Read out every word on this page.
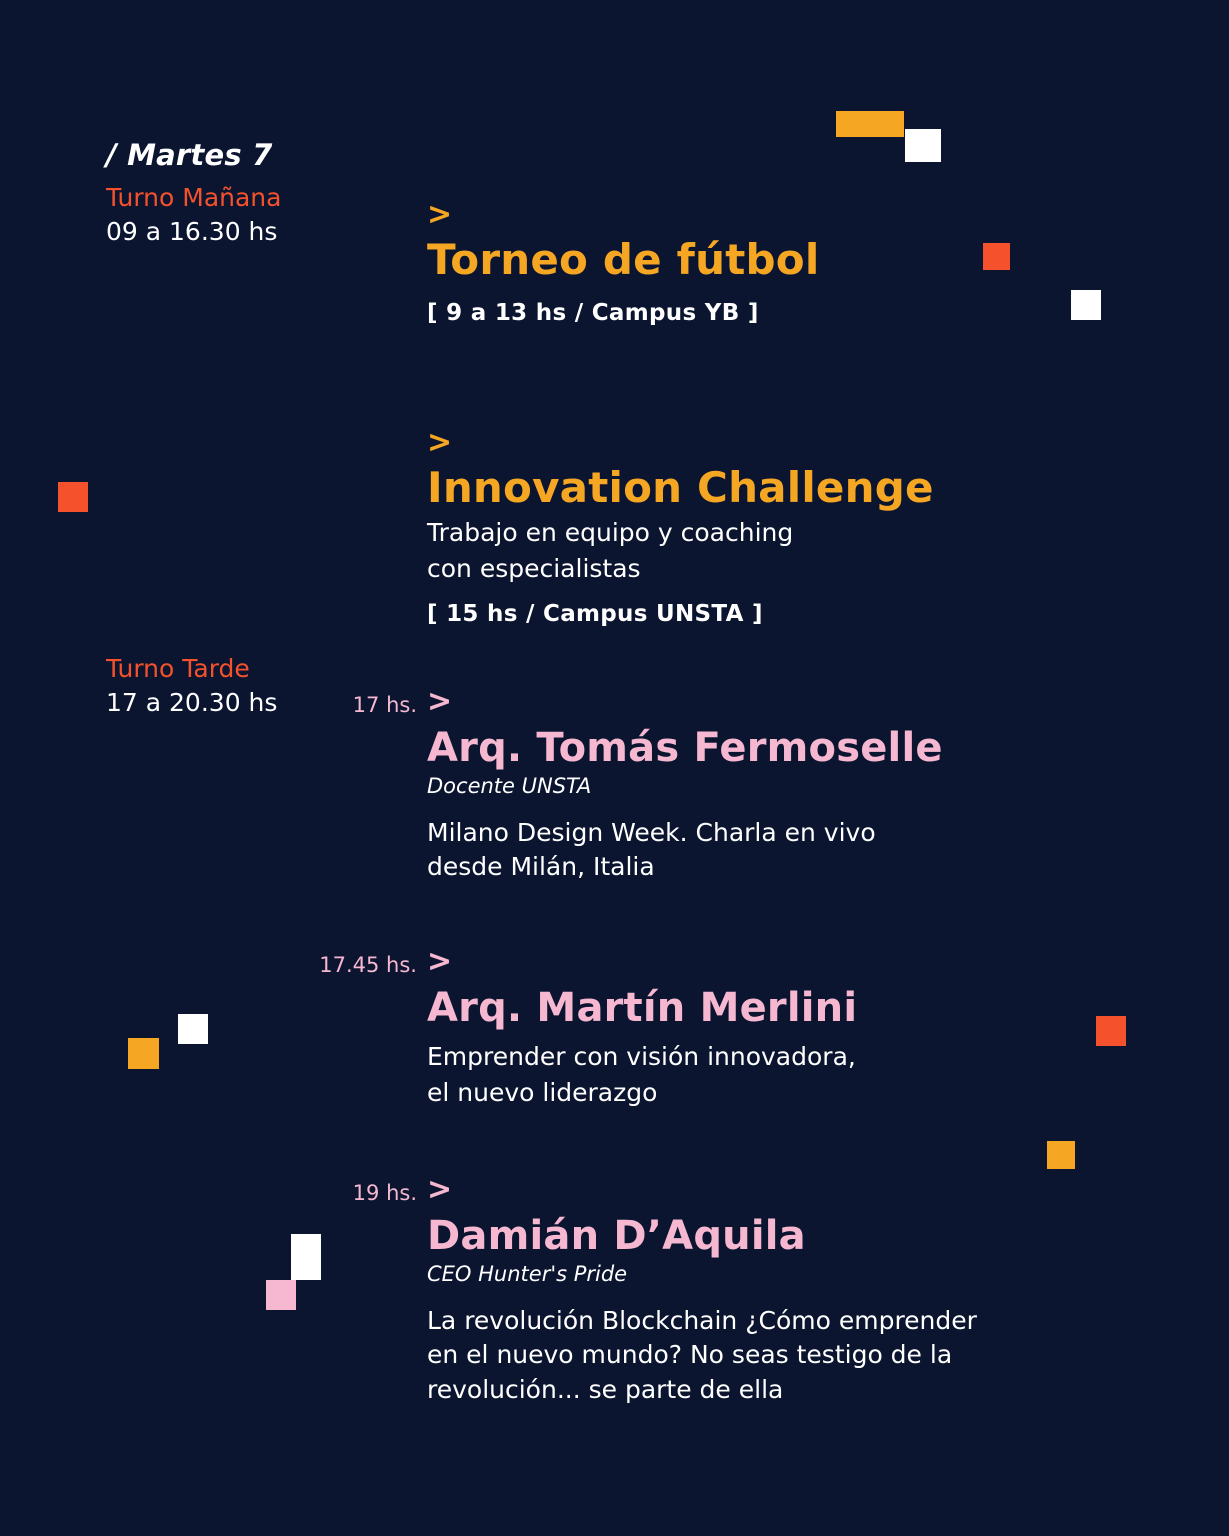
/ Martes 7
Turno Mañana
09 a 16.30 hs
Turno Tarde
17 a 20.30 hs
>
Torneo de fútbol
[ 9 a 13 hs / Campus YB ]
>
Innovation Challenge
Trabajo en equipo y coaching
con especialistas
[ 15 hs / Campus UNSTA ]
17 hs. >
Arq. Tomás Fermoselle
Docente UNSTA
Milano Design Week. Charla en vivo
desde Milán, Italia
17.45 hs. >
Arq. Martín Merlini
Emprender con visión innovadora,
el nuevo liderazgo
19 hs. >
Damián D’Aquila
CEO Hunter's Pride
La revolución Blockchain ¿Cómo emprender
en el nuevo mundo? No seas testigo de la
revolución... se parte de ella
